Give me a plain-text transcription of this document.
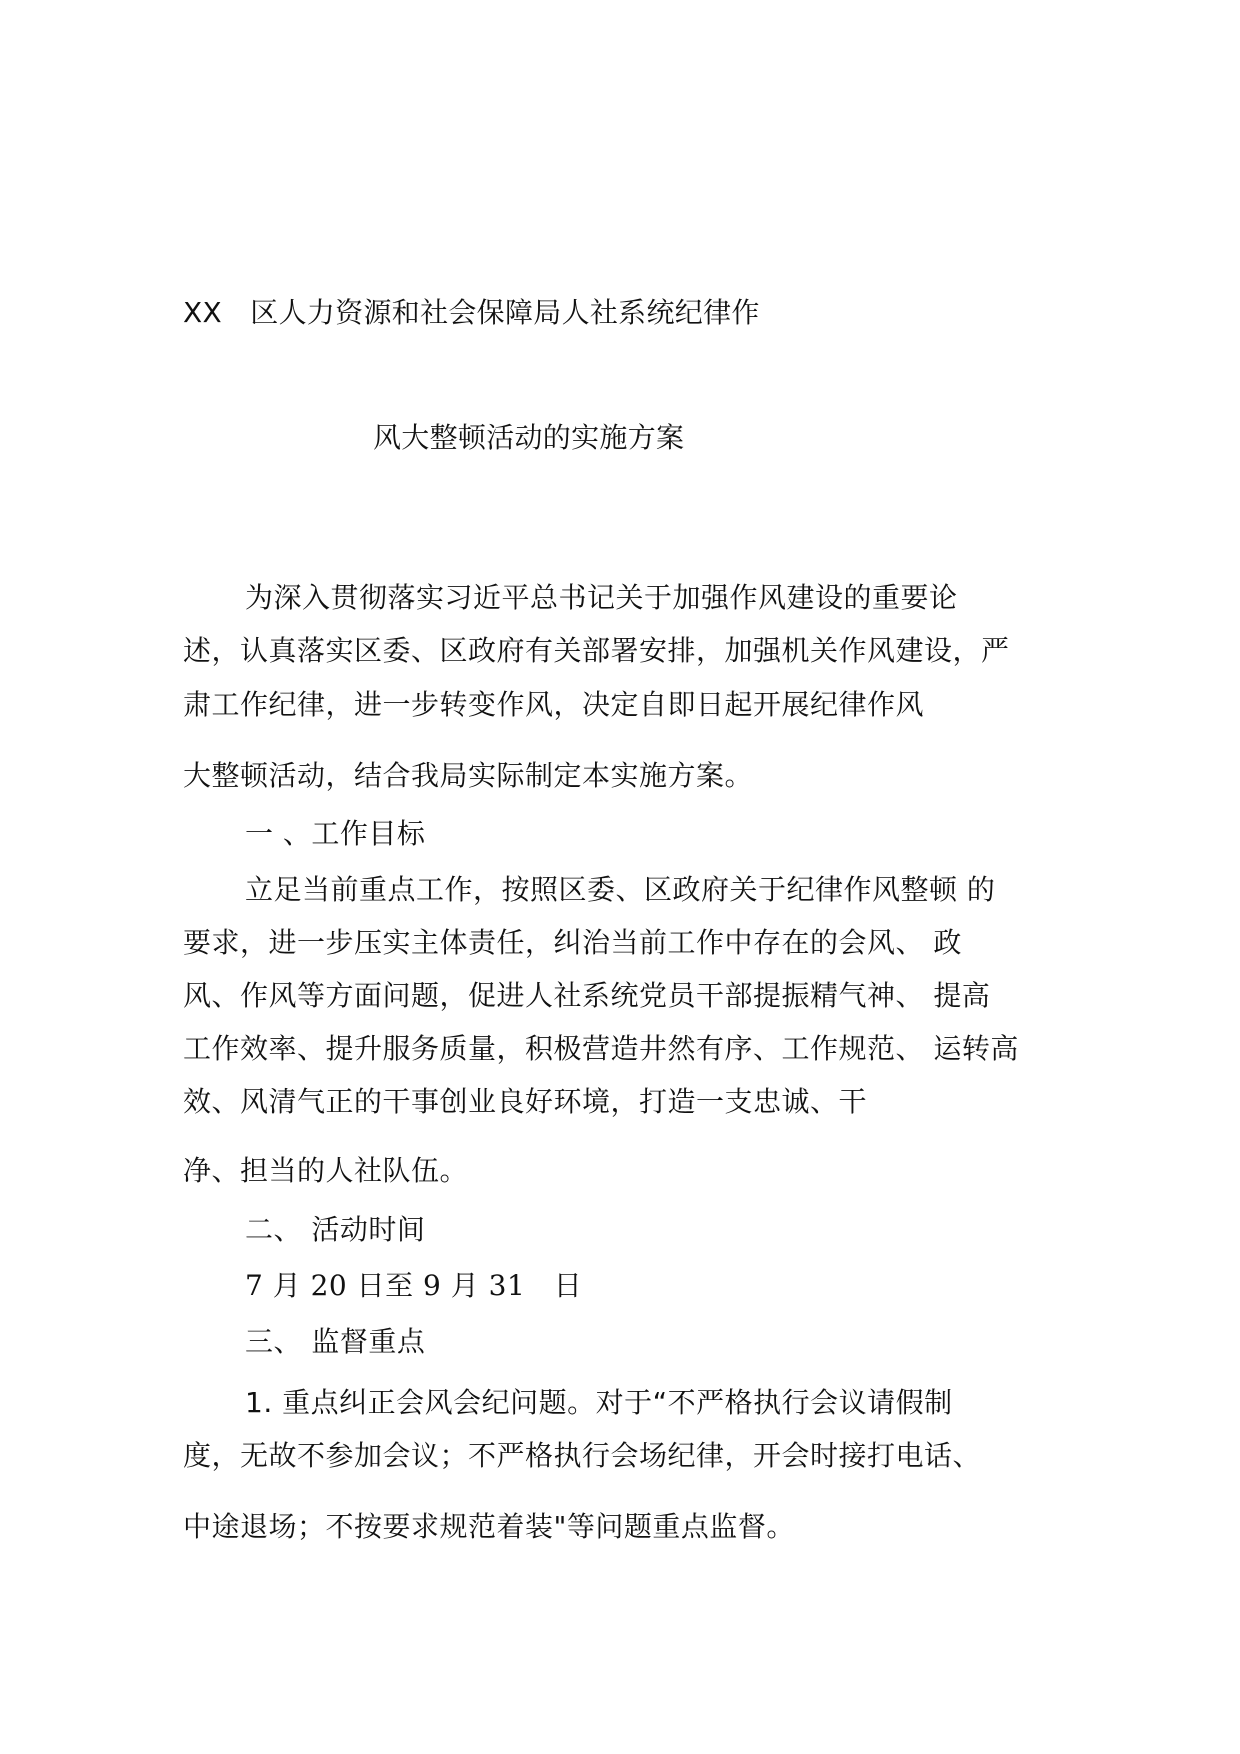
XX　区人力资源和社会保障局人社系统纪律作
风大整顿活动的实施方案
为深入贯彻落实习近平总书记关于加强作风建设的重要论
述，认真落实区委、区政府有关部署安排，加强机关作风建设，严
肃工作纪律，进一步转变作风，决定自即日起开展纪律作风
大整顿活动，结合我局实际制定本实施方案。
一 、工作目标
立足当前重点工作，按照区委、区政府关于纪律作风整顿 的
要求，进一步压实主体责任，纠治当前工作中存在的会风、 政
风、作风等方面问题，促进人社系统党员干部提振精气神、 提高
工作效率、提升服务质量，积极营造井然有序、工作规范、 运转高
效、风清气正的干事创业良好环境，打造一支忠诚、干
净、担当的人社队伍。
二、 活动时间
7 月 20 日至 9 月 31　日
三、 监督重点
1. 重点纠正会风会纪问题。对于“不严格执行会议请假制
度，无故不参加会议；不严格执行会场纪律，开会时接打电话、
中途退场；不按要求规范着装"等问题重点监督。
